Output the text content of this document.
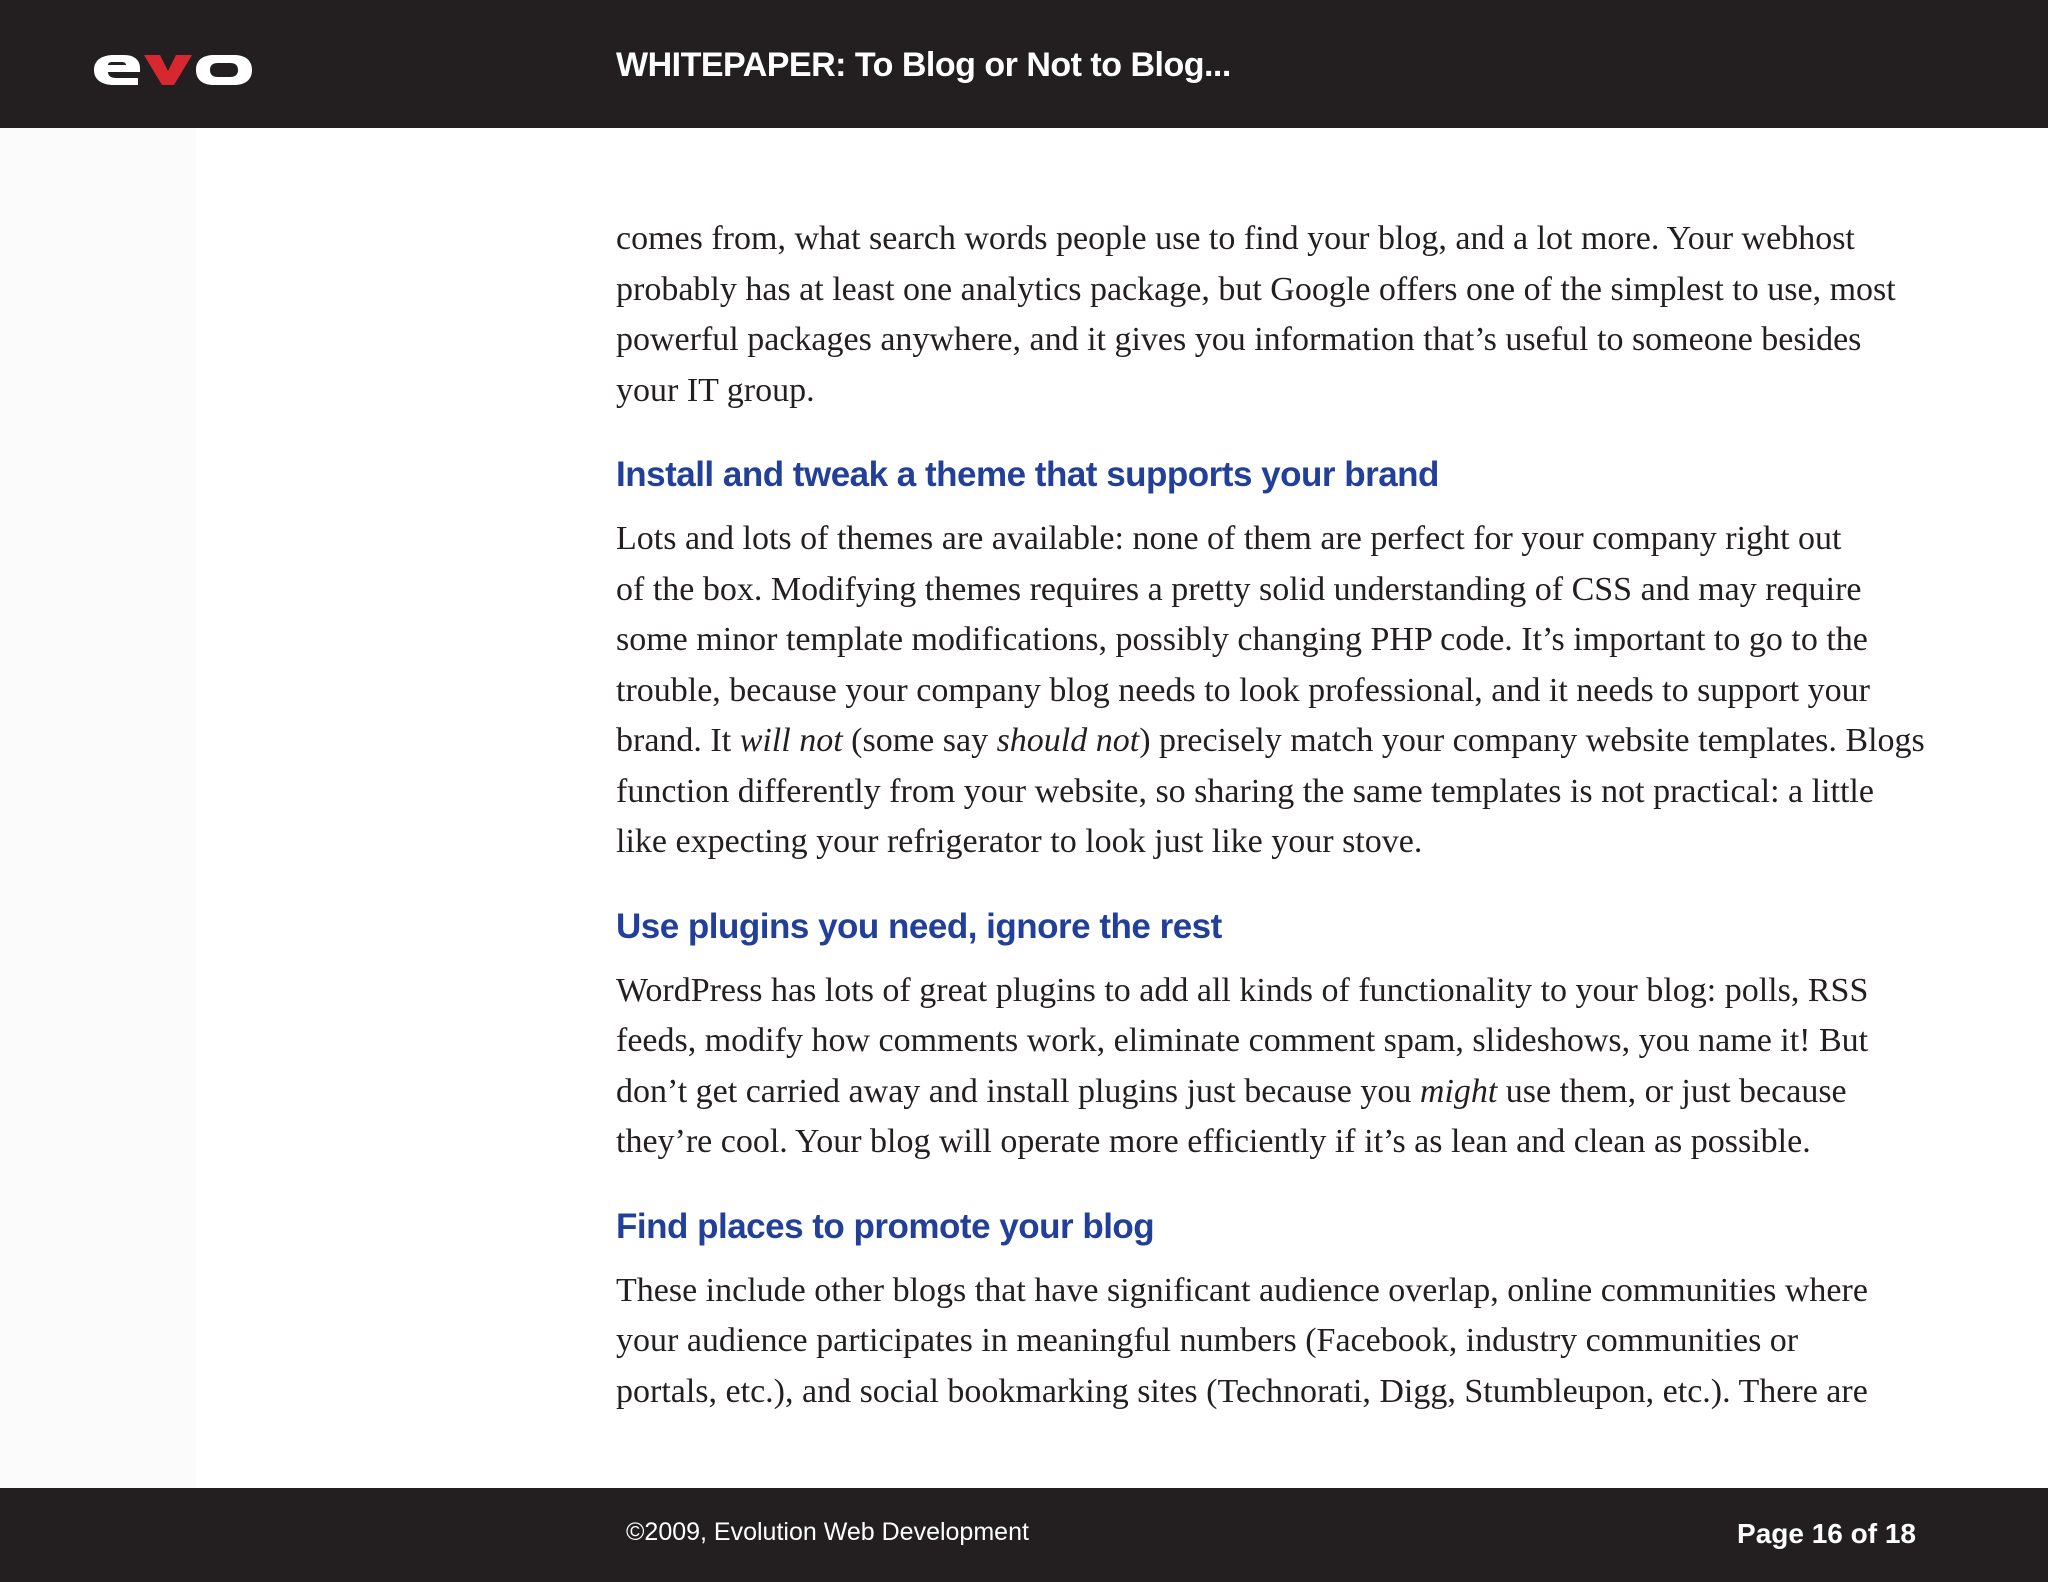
WHITEPAPER: To Blog or Not to Blog...

comes from, what search words people use to find your blog, and a lot more. Your webhost

probably has at least one analytics package, but Google offers one of the simplest to use, most

powerful packages anywhere, and it gives you information that’s useful to someone besides

your IT group.

Install and tweak a theme that supports your brand

Lots and lots of themes are available: none of them are perfect for your company right out

of the box. Modifying themes requires a pretty solid understanding of CSS and may require

some minor template modifications, possibly changing PHP code. It’s important to go to the

trouble, because your company blog needs to look professional, and it needs to support your

brand. It will not (some say should not) precisely match your company website templates. Blogs

function differently from your website, so sharing the same templates is not practical: a little

like expecting your refrigerator to look just like your stove.

Use plugins you need, ignore the rest

WordPress has lots of great plugins to add all kinds of functionality to your blog: polls, RSS

feeds, modify how comments work, eliminate comment spam, slideshows, you name it! But

don’t get carried away and install plugins just because you might use them, or just because

they’re cool. Your blog will operate more efficiently if it’s as lean and clean as possible.

Find places to promote your blog

These include other blogs that have significant audience overlap, online communities where

your audience participates in meaningful numbers (Facebook, industry communities or

portals, etc.), and social bookmarking sites (Technorati, Digg, Stumbleupon, etc.). There are

©2009, Evolution Web Development	Page 16 of 18
